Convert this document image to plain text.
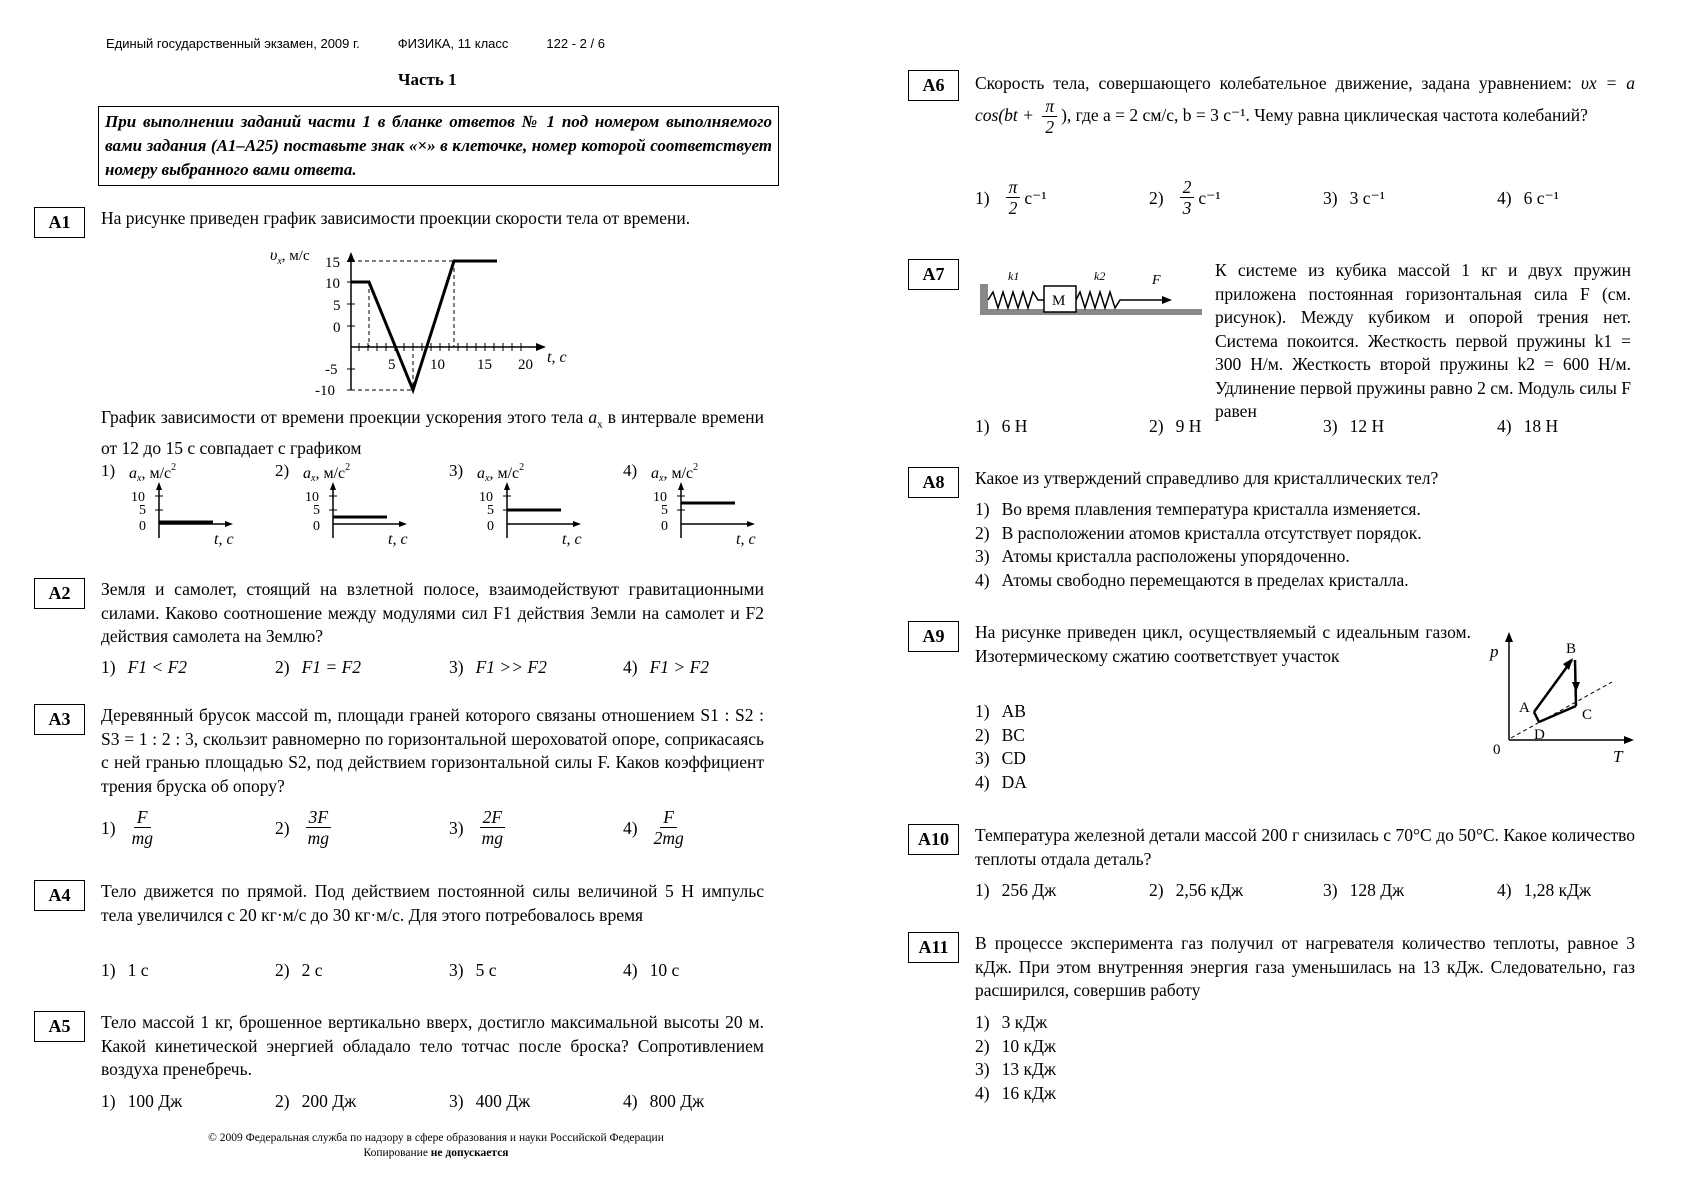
Единый государственный экзамен, 2009 г.	ФИЗИКА, 11 класс	122 - 2 / 6
Часть 1
При выполнении заданий части 1 в бланке ответов № 1 под номером выполняемого вами задания (А1–А25) поставьте знак «×» в клеточке, номер которой соответствует номеру выбранного вами ответа.
A1	На рисунке приведен график зависимости проекции скорости тела от времени.
$\upsilon_x$, м/с 15
10
5
0
-5
-10
5 10 15 20 t, с
График зависимости от времени проекции ускорения этого тела $a_x$ в интервале времени от 12 до 15 с совпадает с графиком
1) ax, $м/c^2$
10
5
0
t, с
2) ax, $м/c^2$
10
5
0
t, с
3) ax, $м/c^2$
10
5
0
t, с
4) ax, $м/c^2$
10
5
0
t, с
A2	Земля и самолет, стоящий на взлетной полосе, взаимодействуют гравитационными силами. Каково соотношение между модулями сил F1 действия Земли на самолет и F2 действия самолета на Землю?
1) F1 < F2	2) F1 = F2	3) F1 >> F2	4) F1 > F2
A3	Деревянный брусок массой m, площади граней которого связаны отношением S1 : S2 : S3 = 1 : 2 : 3, скользит равномерно по горизонтальной шероховатой опоре, соприкасаясь с ней гранью площадью S2, под действием горизонтальной силы F. Каков коэффициент трения бруска об опору?
$1) \frac{F}{mg}$	$2) \frac{3F}{mg}$	$3) \frac{2F}{mg}$	$4) \frac{F}{2mg}$
A4	Тело движется по прямой. Под действием постоянной силы величиной 5 Н импульс тела увеличился с 20 кг·м/с до 30 кг·м/с. Для этого потребовалось время
1) 1 с	2) 2 с	3) 5 с	4) 10 с
A5	Тело массой 1 кг, брошенное вертикально вверх, достигло максимальной высоты 20 м. Какой кинетической энергией обладало тело тотчас после броска? Сопротивлением воздуха пренебречь.
1) 100 Дж	2) 200 Дж	3) 400 Дж	4) 800 Дж
© 2009 Федеральная служба по надзору в сфере образования и науки Российской Федерации
Копирование не допускается
A6	Скорость тела, совершающего колебательное движение, задана уравнением: υx = a $\cos(bt + \frac{\pi}{2}$ ), где a = 2 см/с, b = 3 с⁻¹. Чему равна циклическая частота колебаний?
$1) \frac{\pi}{2} с^{-1}$	$2) \frac{2}{3} с^{-1}$	3) 3 с⁻¹	4) 6 с⁻¹
A7
M
k1	k2	F
К системе из кубика массой 1 кг и двух пружин приложена постоянная горизонтальная сила F (см. рисунок). Между кубиком и опорой трения нет. Система покоится. Жесткость первой пружины k1 = 300 Н/м. Жесткость второй пружины k2 = 600 Н/м. Удлинение первой пружины равно 2 см. Модуль силы F равен
1) 6 Н	2) 9 Н	3) 12 Н	4) 18 Н
A8	Какое из утверждений справедливо для кристаллических тел?
1) Во время плавления температура кристалла изменяется.
2) В расположении атомов кристалла отсутствует порядок.
3) Атомы кристалла расположены упорядоченно.
4) Атомы свободно перемещаются в пределах кристалла.
A9	На рисунке приведен цикл, осуществляемый с идеальным газом. Изотермическому сжатию соответствует участок
1) AB
2) BC
3) CD
4) DA
p
T
0
A
B
C
D
A10	Температура железной детали массой 200 г снизилась с 70°C до 50°C. Какое количество теплоты отдала деталь?
1) 256 Дж	2) 2,56 кДж	3) 128 Дж	4) 1,28 кДж
A11	В процессе эксперимента газ получил от нагревателя количество теплоты, равное 3 кДж. При этом внутренняя энергия газа уменьшилась на 13 кДж. Следовательно, газ расширился, совершив работу
1) 3 кДж
2) 10 кДж
3) 13 кДж
4) 16 кДж
